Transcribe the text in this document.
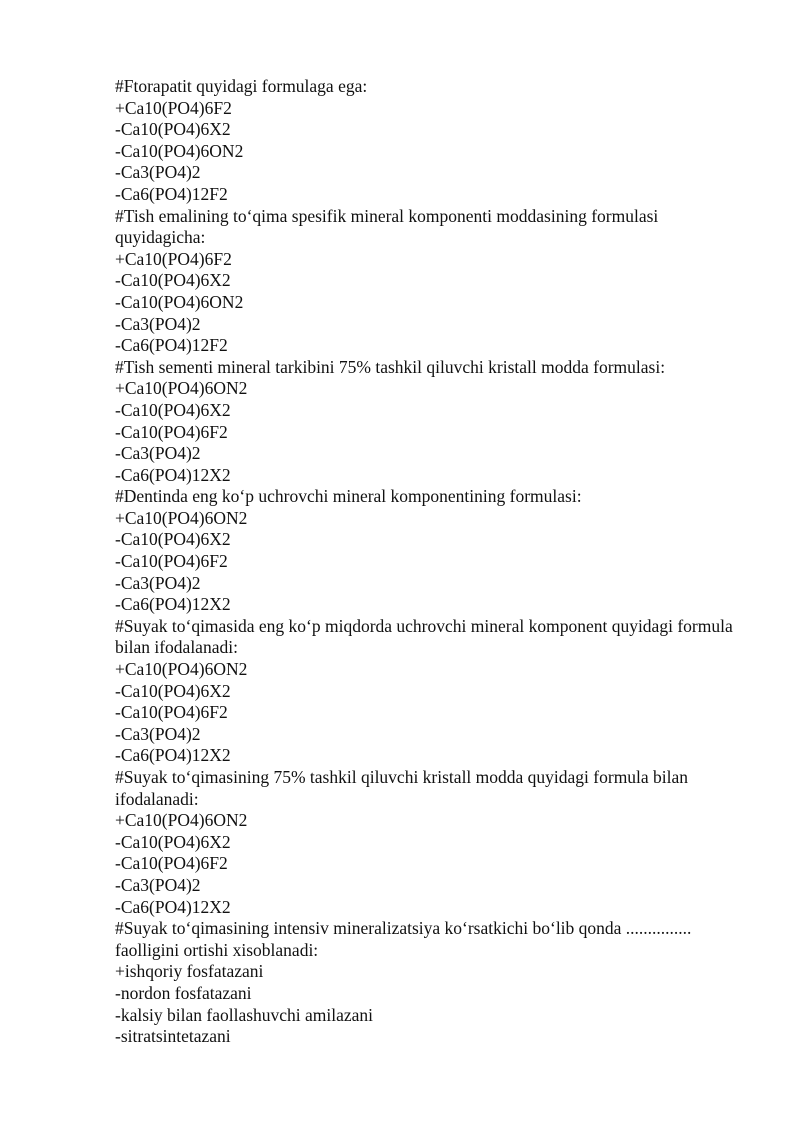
#Ftorapatit quyidagi formulaga ega:

+Ca10(PO4)6F2

-Ca10(PO4)6X2

-Ca10(PO4)6ON2

-Ca3(PO4)2

-Ca6(PO4)12F2

#Tish emalining to‘qima spesifik mineral komponenti moddasining formulasi quyidagicha:

+Ca10(PO4)6F2

-Ca10(PO4)6X2

-Ca10(PO4)6ON2

-Ca3(PO4)2

-Ca6(PO4)12F2

#Tish sementi mineral tarkibini 75% tashkil qiluvchi kristall modda formulasi:

+Ca10(PO4)6ON2

-Ca10(PO4)6X2

-Ca10(PO4)6F2

-Ca3(PO4)2

-Ca6(PO4)12X2

#Dentinda eng ko‘p uchrovchi mineral komponentining formulasi:

+Ca10(PO4)6ON2

-Ca10(PO4)6X2

-Ca10(PO4)6F2

-Ca3(PO4)2

-Ca6(PO4)12X2

#Suyak to‘qimasida eng ko‘p miqdorda uchrovchi mineral komponent quyidagi formula bilan ifodalanadi:

+Ca10(PO4)6ON2

-Ca10(PO4)6X2

-Ca10(PO4)6F2

-Ca3(PO4)2

-Ca6(PO4)12X2

#Suyak to‘qimasining 75% tashkil qiluvchi kristall modda quyidagi formula bilan ifodalanadi:

+Ca10(PO4)6ON2

-Ca10(PO4)6X2

-Ca10(PO4)6F2

-Ca3(PO4)2

-Ca6(PO4)12X2

#Suyak to‘qimasining intensiv mineralizatsiya ko‘rsatkichi bo‘lib qonda ............... faolligini ortishi xisoblanadi:

+ishqoriy fosfatazani

-nordon fosfatazani

-kalsiy bilan faollashuvchi amilazani

-sitratsintetazani
